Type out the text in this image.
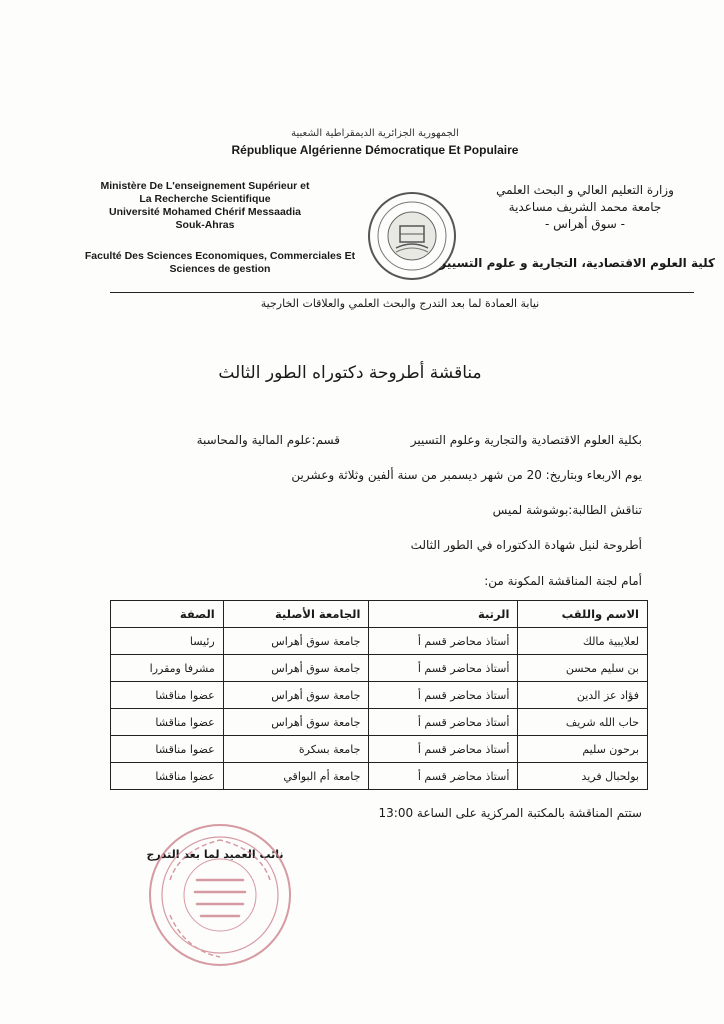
الجمهورية الجزائرية الديمقراطية الشعبية
République Algérienne Démocratique Et Populaire
Ministère De L'enseignement Supérieur et
La Recherche Scientifique
Université Mohamed Chérif Messaadia
Souk-Ahras
وزارة التعليم العالي و البحث العلمي
جامعة محمد الشريف مساعدية
- سوق أهراس -
Faculté Des Sciences Economiques, Commerciales Et
Sciences de gestion	كلية العلوم الاقتصادية، التجارية و علوم التسيير
نيابة العمادة لما بعد التدرج والبحث العلمي والعلاقات الخارجية
مناقشة أطروحة دكتوراه الطور الثالث
بكلية العلوم الاقتصادية والتجارية وعلوم التسيير
قسم:علوم المالية والمحاسبة
يوم الاربعاء وبتاريخ: 20 من شهر ديسمبر من سنة ألفين وثلاثة وعشرين
تناقش الطالبة:بوشوشة لميس
أطروحة لنيل شهادة الدكتوراه في الطور الثالث
أمام لجنة المناقشة المكونة من:
الاسم واللقب	الرتبة	الجامعة الأصلية	الصفة
لعلايبية مالك	أستاذ محاضر قسم أ	جامعة سوق أهراس	رئيسا
بن سليم محسن	أستاذ محاضر قسم أ	جامعة سوق أهراس	مشرفا ومقررا
فؤاد عز الدين	أستاذ محاضر قسم أ	جامعة سوق أهراس	عضوا مناقشا
حاب الله شريف	أستاذ محاضر قسم أ	جامعة سوق أهراس	عضوا مناقشا
برحون سليم	أستاذ محاضر قسم أ	جامعة بسكرة	عضوا مناقشا
بولحبال فريد	أستاذ محاضر قسم أ	جامعة أم البواقي	عضوا مناقشا
ستتم المناقشة بالمكتبة المركزية على الساعة 13:00
نائب العميد لما بعد التدرج
